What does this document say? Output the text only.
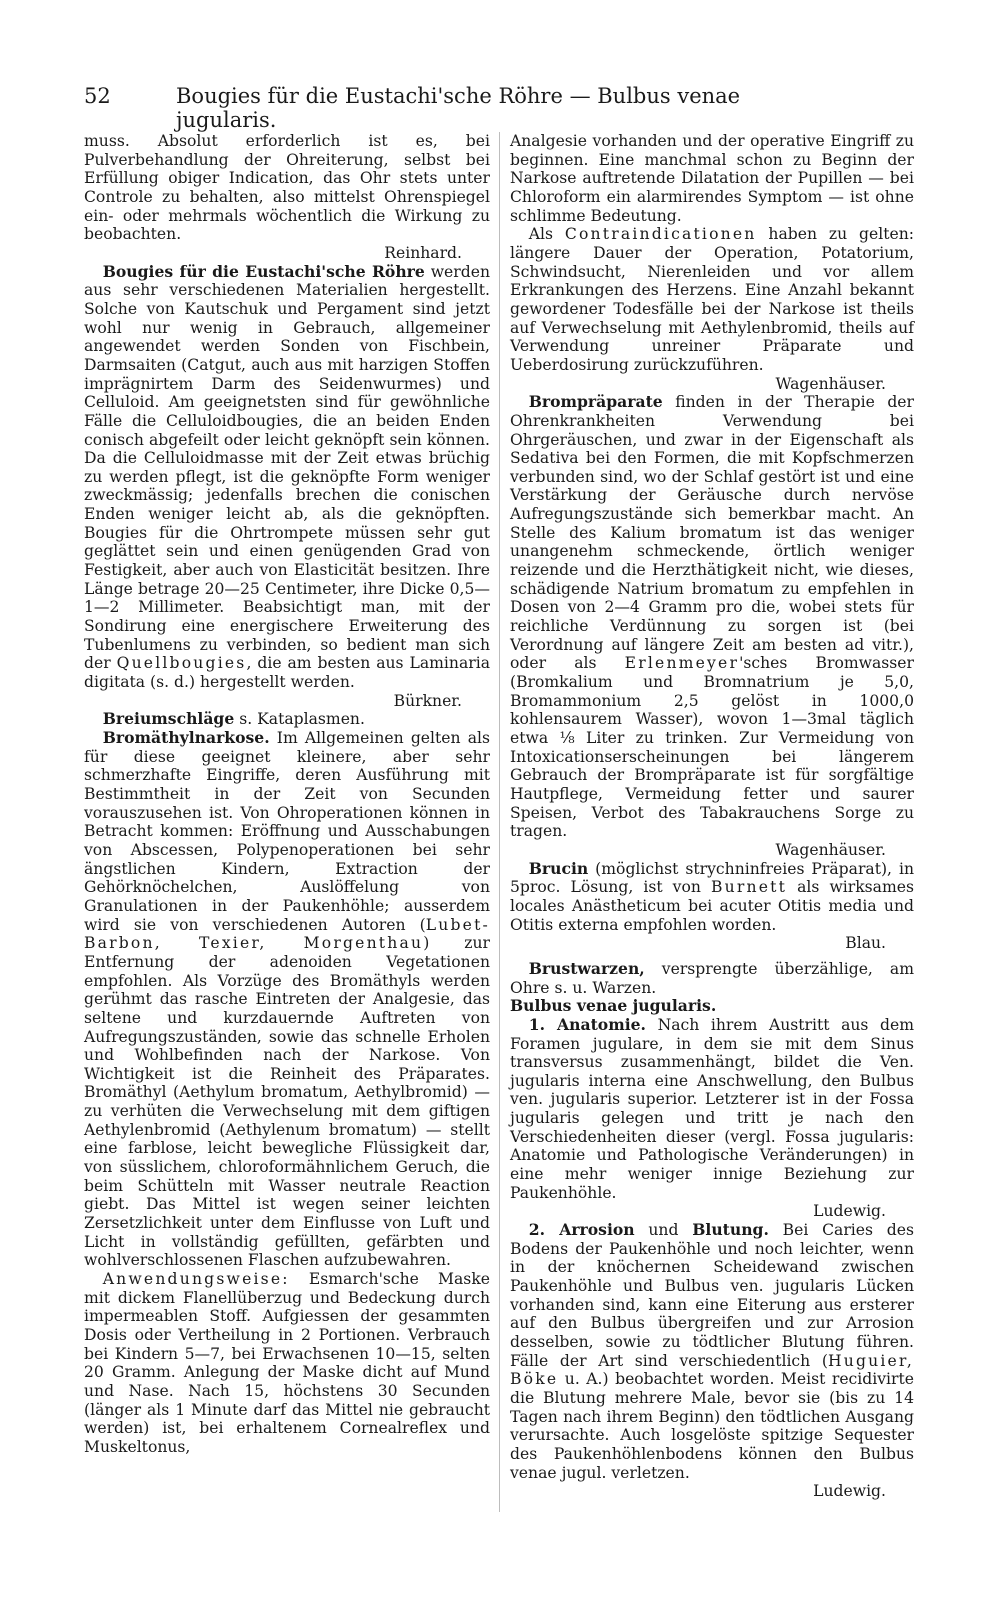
52	Bougies für die Eustachi'sche Röhre — Bulbus venae jugularis.

muss. Absolut erforderlich ist es, bei Pulverbehandlung der Ohreiterung, selbst bei Erfüllung obiger Indication, das Ohr stets unter Controle zu behalten, also mittelst Ohrenspiegel ein- oder mehrmals wöchentlich die Wirkung zu beobachten.
Reinhard.

Bougies für die Eustachi'sche Röhre werden aus sehr verschiedenen Materialien hergestellt. Solche von Kautschuk und Pergament sind jetzt wohl nur wenig in Gebrauch, allgemeiner angewendet werden Sonden von Fischbein, Darmsaiten (Catgut, auch aus mit harzigen Stoffen imprägnirtem Darm des Seidenwurmes) und Celluloid. Am geeignetsten sind für gewöhnliche Fälle die Celluloidbougies, die an beiden Enden conisch abgefeilt oder leicht geknöpft sein können. Da die Celluloidmasse mit der Zeit etwas brüchig zu werden pflegt, ist die geknöpfte Form weniger zweckmässig; jedenfalls brechen die conischen Enden weniger leicht ab, als die geknöpften. Bougies für die Ohrtrompete müssen sehr gut geglättet sein und einen genügenden Grad von Festigkeit, aber auch von Elasticität besitzen. Ihre Länge betrage 20—25 Centimeter, ihre Dicke 0,5—1—2 Millimeter. Beabsichtigt man, mit der Sondirung eine energischere Erweiterung des Tubenlumens zu verbinden, so bedient man sich der Quellbougies, die am besten aus Laminaria digitata (s. d.) hergestellt werden.
Bürkner.

Breiumschläge s. Kataplasmen.

Bromäthylnarkose. Im Allgemeinen gelten als für diese geeignet kleinere, aber sehr schmerzhafte Eingriffe, deren Ausführung mit Bestimmtheit in der Zeit von Secunden vorauszusehen ist. Von Ohroperationen können in Betracht kommen: Eröffnung und Ausschabungen von Abscessen, Polypenoperationen bei sehr ängstlichen Kindern, Extraction der Gehörknöchelchen, Auslöffelung von Granulationen in der Paukenhöhle; ausserdem wird sie von verschiedenen Autoren (Lubet-Barbon, Texier, Morgenthau) zur Entfernung der adenoiden Vegetationen empfohlen. Als Vorzüge des Bromäthyls werden gerühmt das rasche Eintreten der Analgesie, das seltene und kurzdauernde Auftreten von Aufregungszuständen, sowie das schnelle Erholen und Wohlbefinden nach der Narkose. Von Wichtigkeit ist die Reinheit des Präparates. Bromäthyl (Aethylum bromatum, Aethylbromid) — zu verhüten die Verwechselung mit dem giftigen Aethylenbromid (Aethylenum bromatum) — stellt eine farblose, leicht bewegliche Flüssigkeit dar, von süsslichem, chloroformähnlichem Geruch, die beim Schütteln mit Wasser neutrale Reaction giebt. Das Mittel ist wegen seiner leichten Zersetzlichkeit unter dem Einflusse von Luft und Licht in vollständig gefüllten, gefärbten und wohlverschlossenen Flaschen aufzubewahren.

Anwendungsweise: Esmarch'sche Maske mit dickem Flanellüberzug und Bedeckung durch impermeablen Stoff. Aufgiessen der gesammten Dosis oder Vertheilung in 2 Portionen. Verbrauch bei Kindern 5—7, bei Erwachsenen 10—15, selten 20 Gramm. Anlegung der Maske dicht auf Mund und Nase. Nach 15, höchstens 30 Secunden (länger als 1 Minute darf das Mittel nie gebraucht werden) ist, bei erhaltenem Cornealreflex und Muskeltonus,

Analgesie vorhanden und der operative Eingriff zu beginnen. Eine manchmal schon zu Beginn der Narkose auftretende Dilatation der Pupillen — bei Chloroform ein alarmirendes Symptom — ist ohne schlimme Bedeutung.

Als Contraindicationen haben zu gelten: längere Dauer der Operation, Potatorium, Schwindsucht, Nierenleiden und vor allem Erkrankungen des Herzens. Eine Anzahl bekannt gewordener Todesfälle bei der Narkose ist theils auf Verwechselung mit Aethylenbromid, theils auf Verwendung unreiner Präparate und Ueberdosirung zurückzuführen.
Wagenhäuser.

Brompräparate finden in der Therapie der Ohrenkrankheiten Verwendung bei Ohrgeräuschen, und zwar in der Eigenschaft als Sedativa bei den Formen, die mit Kopfschmerzen verbunden sind, wo der Schlaf gestört ist und eine Verstärkung der Geräusche durch nervöse Aufregungszustände sich bemerkbar macht. An Stelle des Kalium bromatum ist das weniger unangenehm schmeckende, örtlich weniger reizende und die Herzthätigkeit nicht, wie dieses, schädigende Natrium bromatum zu empfehlen in Dosen von 2—4 Gramm pro die, wobei stets für reichliche Verdünnung zu sorgen ist (bei Verordnung auf längere Zeit am besten ad vitr.), oder als Erlenmeyer'sches Bromwasser (Bromkalium und Bromnatrium je 5,0, Bromammonium 2,5 gelöst in 1000,0 kohlensaurem Wasser), wovon 1—3mal täglich etwa ⅛ Liter zu trinken. Zur Vermeidung von Intoxicationserscheinungen bei längerem Gebrauch der Brompräparate ist für sorgfältige Hautpflege, Vermeidung fetter und saurer Speisen, Verbot des Tabakrauchens Sorge zu tragen.
Wagenhäuser.

Brucin (möglichst strychninfreies Präparat), in 5proc. Lösung, ist von Burnett als wirksames locales Anästheticum bei acuter Otitis media und Otitis externa empfohlen worden.
Blau.

Brustwarzen, versprengte überzählige, am Ohre s. u. Warzen.

Bulbus venae jugularis.

1. Anatomie. Nach ihrem Austritt aus dem Foramen jugulare, in dem sie mit dem Sinus transversus zusammenhängt, bildet die Ven. jugularis interna eine Anschwellung, den Bulbus ven. jugularis superior. Letzterer ist in der Fossa jugularis gelegen und tritt je nach den Verschiedenheiten dieser (vergl. Fossa jugularis: Anatomie und Pathologische Veränderungen) in eine mehr weniger innige Beziehung zur Paukenhöhle.
Ludewig.

2. Arrosion und Blutung. Bei Caries des Bodens der Paukenhöhle und noch leichter, wenn in der knöchernen Scheidewand zwischen Paukenhöhle und Bulbus ven. jugularis Lücken vorhanden sind, kann eine Eiterung aus ersterer auf den Bulbus übergreifen und zur Arrosion desselben, sowie zu tödtlicher Blutung führen. Fälle der Art sind verschiedentlich (Huguier, Böke u. A.) beobachtet worden. Meist recidivirte die Blutung mehrere Male, bevor sie (bis zu 14 Tagen nach ihrem Beginn) den tödtlichen Ausgang verursachte. Auch losgelöste spitzige Sequester des Paukenhöhlenbodens können den Bulbus venae jugul. verletzen.
Ludewig.
